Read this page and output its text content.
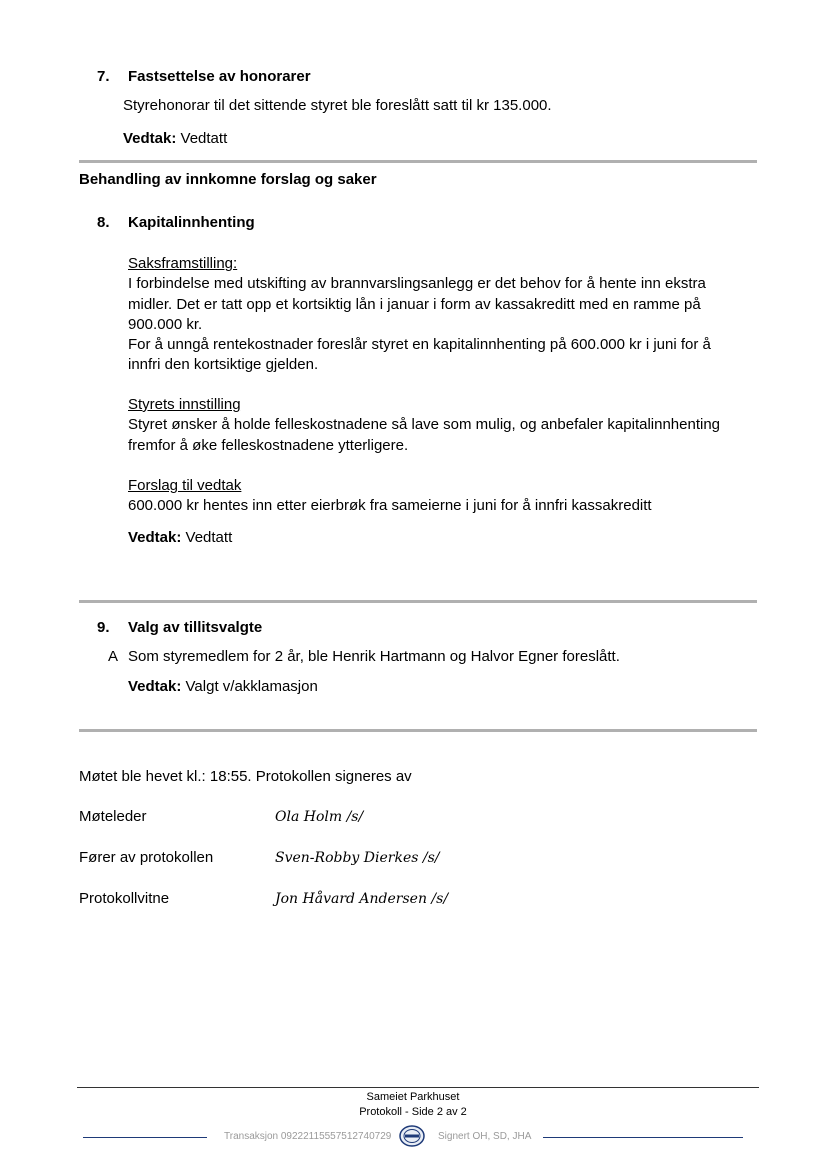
7. Fastsettelse av honorarer
Styrehonorar til det sittende styret ble foreslått satt til kr 135.000.
Vedtak: Vedtatt
Behandling av innkomne forslag og saker
8. Kapitalinnhenting
Saksframstilling:
I forbindelse med utskifting av brannvarslingsanlegg er det behov for å hente inn ekstra
midler. Det er tatt opp et kortsiktig lån i januar i form av kassakreditt med en ramme på
900.000 kr.
For å unngå rentekostnader foreslår styret en kapitalinnhenting på 600.000 kr i juni for å
innfri den kortsiktige gjelden.
Styrets innstilling
Styret ønsker å holde felleskostnadene så lave som mulig, og anbefaler kapitalinnhenting
fremfor å øke felleskostnadene ytterligere.
Forslag til vedtak
600.000 kr hentes inn etter eierbrøk fra sameierne i juni for å innfri kassakreditt
Vedtak: Vedtatt
9. Valg av tillitsvalgte
A Som styremedlem for 2 år, ble Henrik Hartmann og Halvor Egner foreslått.
Vedtak: Valgt v/akklamasjon
Møtet ble hevet kl.: 18:55. Protokollen signeres av
Møteleder	Ola Holm /s/
Fører av protokollen	Sven-Robby Dierkes /s/
Protokollvitne	Jon Håvard Andersen /s/
Sameiet Parkhuset
Protokoll - Side 2 av 2
Transaksjon 09222115557512740729	Signert OH, SD, JHA
